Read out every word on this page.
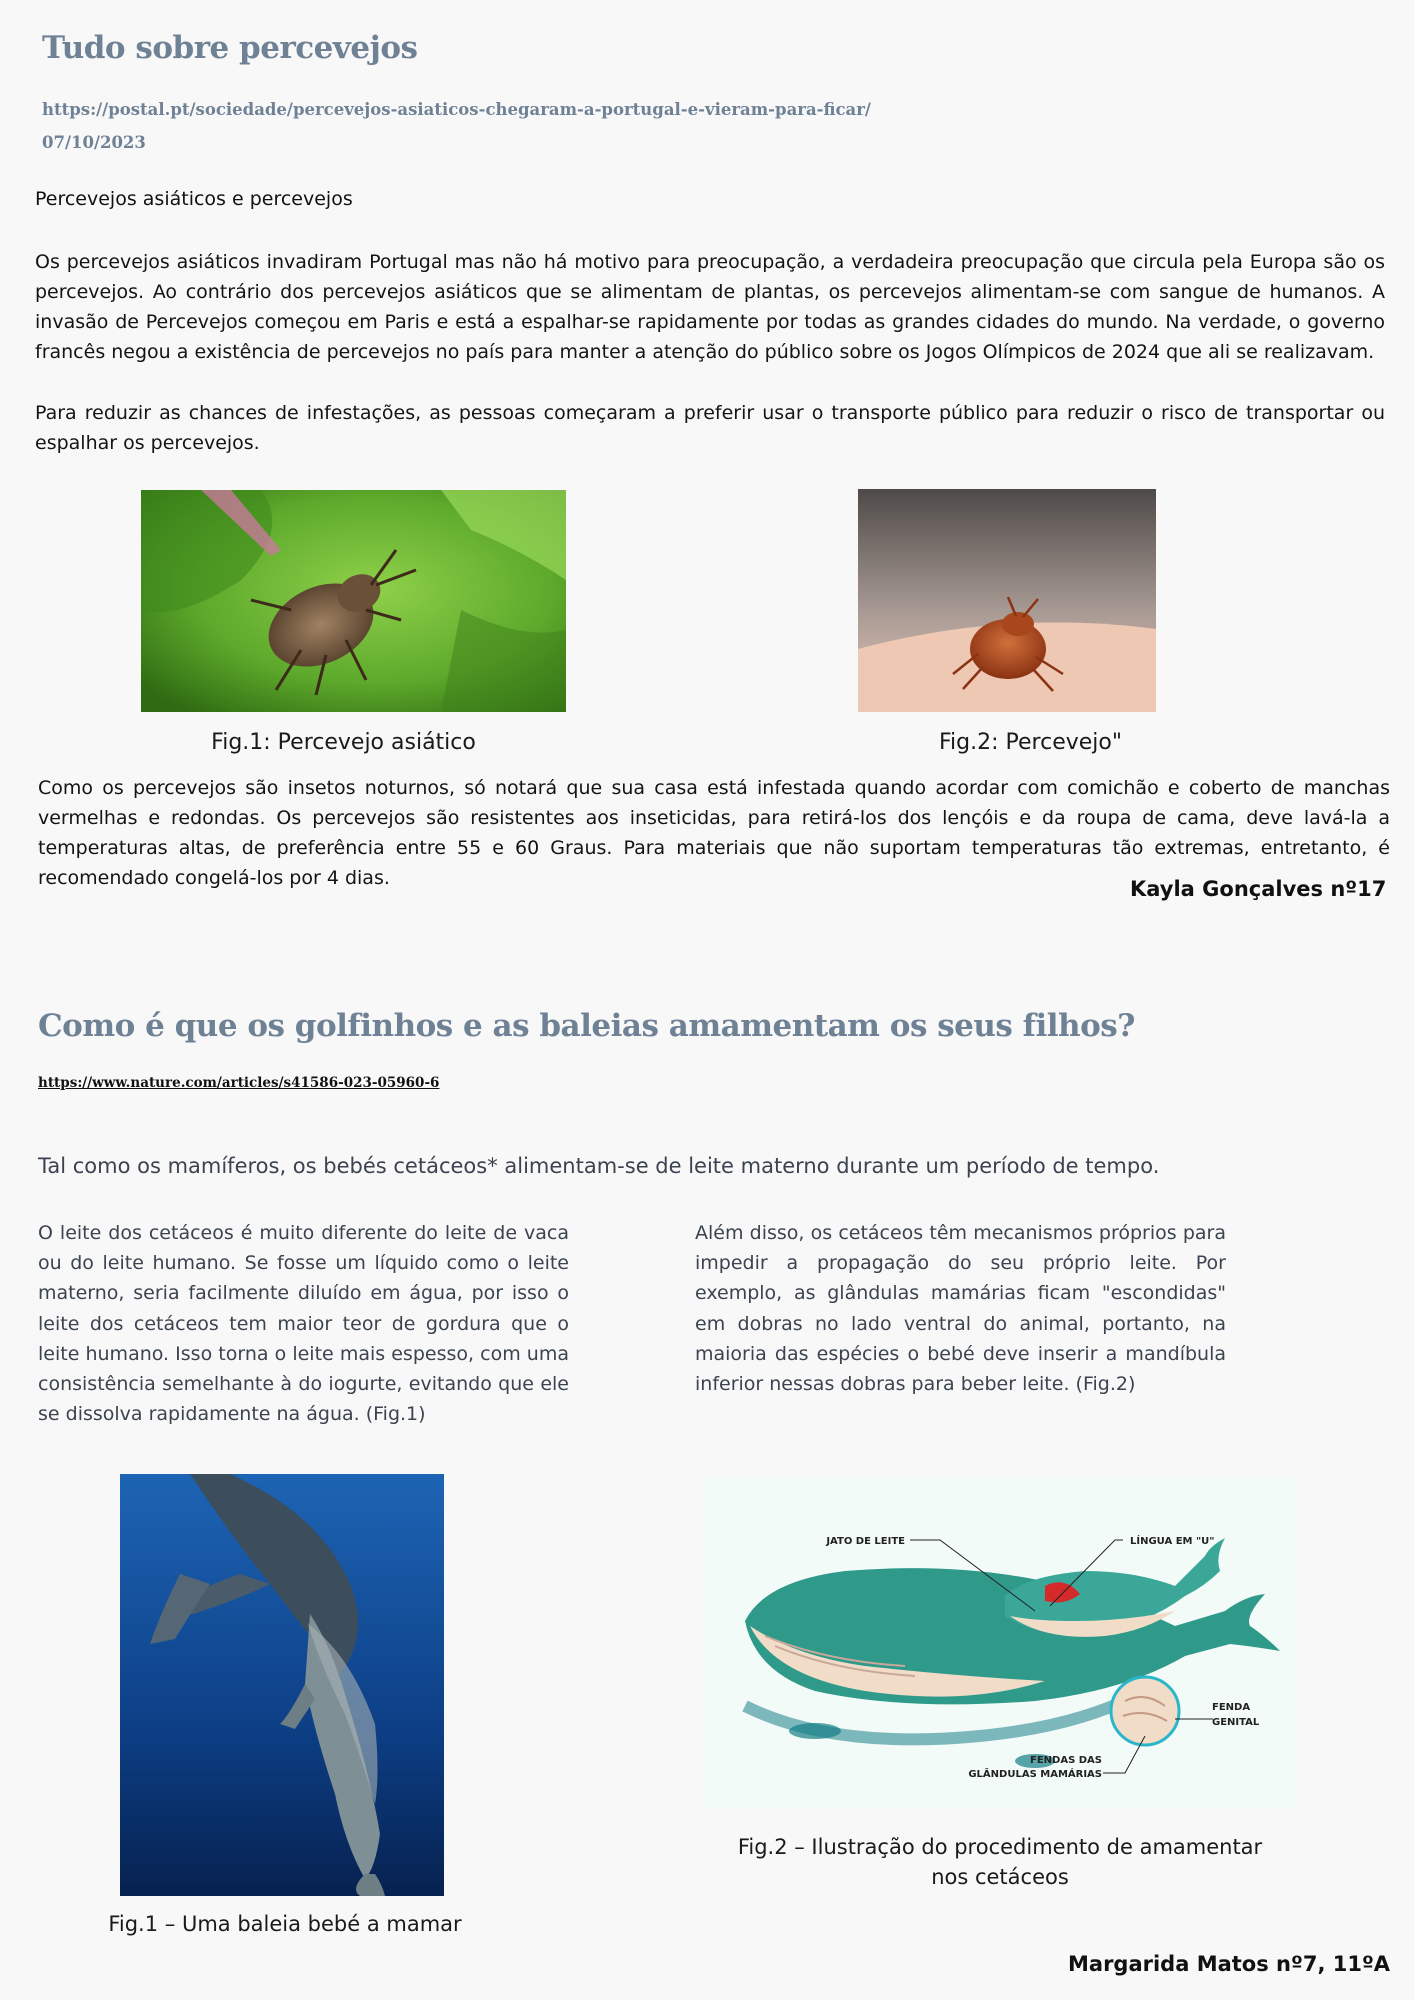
Tudo sobre percevejos
https://postal.pt/sociedade/percevejos-asiaticos-chegaram-a-portugal-e-vieram-para-ficar/
07/10/2023
Percevejos asiáticos e percevejos
Os percevejos asiáticos invadiram Portugal mas não há motivo para preocupação, a verdadeira preocupação que circula pela Europa são os percevejos. Ao contrário dos percevejos asiáticos que se alimentam de plantas, os percevejos alimentam-se com sangue de humanos. A invasão de Percevejos começou em Paris e está a espalhar-se rapidamente por todas as grandes cidades do mundo. Na verdade, o governo francês negou a existência de percevejos no país para manter a atenção do público sobre os Jogos Olímpicos de 2024 que ali se realizavam.
Para reduzir as chances de infestações, as pessoas começaram a preferir usar o transporte público para reduzir o risco de transportar ou espalhar os percevejos.
Fig.1: Percevejo asiático	Fig.2: Percevejo"
Como os percevejos são insetos noturnos, só notará que sua casa está infestada quando acordar com comichão e coberto de manchas vermelhas e redondas. Os percevejos são resistentes aos inseticidas, para retirá-los dos lençóis e da roupa de cama, deve lavá-la a temperaturas altas, de preferência entre 55 e 60 Graus. Para materiais que não suportam temperaturas tão extremas, entretanto, é recomendado congelá-los por 4 dias.	Kayla Gonçalves nº17
Como é que os golfinhos e as baleias amamentam os seus filhos?
https://www.nature.com/articles/s41586-023-05960-6
Tal como os mamíferos, os bebés cetáceos* alimentam-se de leite materno durante um período de tempo.
O leite dos cetáceos é muito diferente do leite de vaca ou do leite humano. Se fosse um líquido como o leite materno, seria facilmente diluído em água, por isso o leite dos cetáceos tem maior teor de gordura que o leite humano. Isso torna o leite mais espesso, com uma consistência semelhante à do iogurte, evitando que ele se dissolva rapidamente na água. (Fig.1)
Além disso, os cetáceos têm mecanismos próprios para impedir a propagação do seu próprio leite. Por exemplo, as glândulas mamárias ficam "escondidas" em dobras no lado ventral do animal, portanto, na maioria das espécies o bebé deve inserir a mandíbula inferior nessas dobras para beber leite. (Fig.2)
Fig.1 – Uma baleia bebé a mamar
JATO DE LEITE	LÍNGUA EM "U"
FENDA
GENITAL
FENDAS DAS
GLÂNDULAS MAMÁRIAS
Fig.2 – Ilustração do procedimento de amamentar nos cetáceos
Margarida Matos nº7, 11ºA
